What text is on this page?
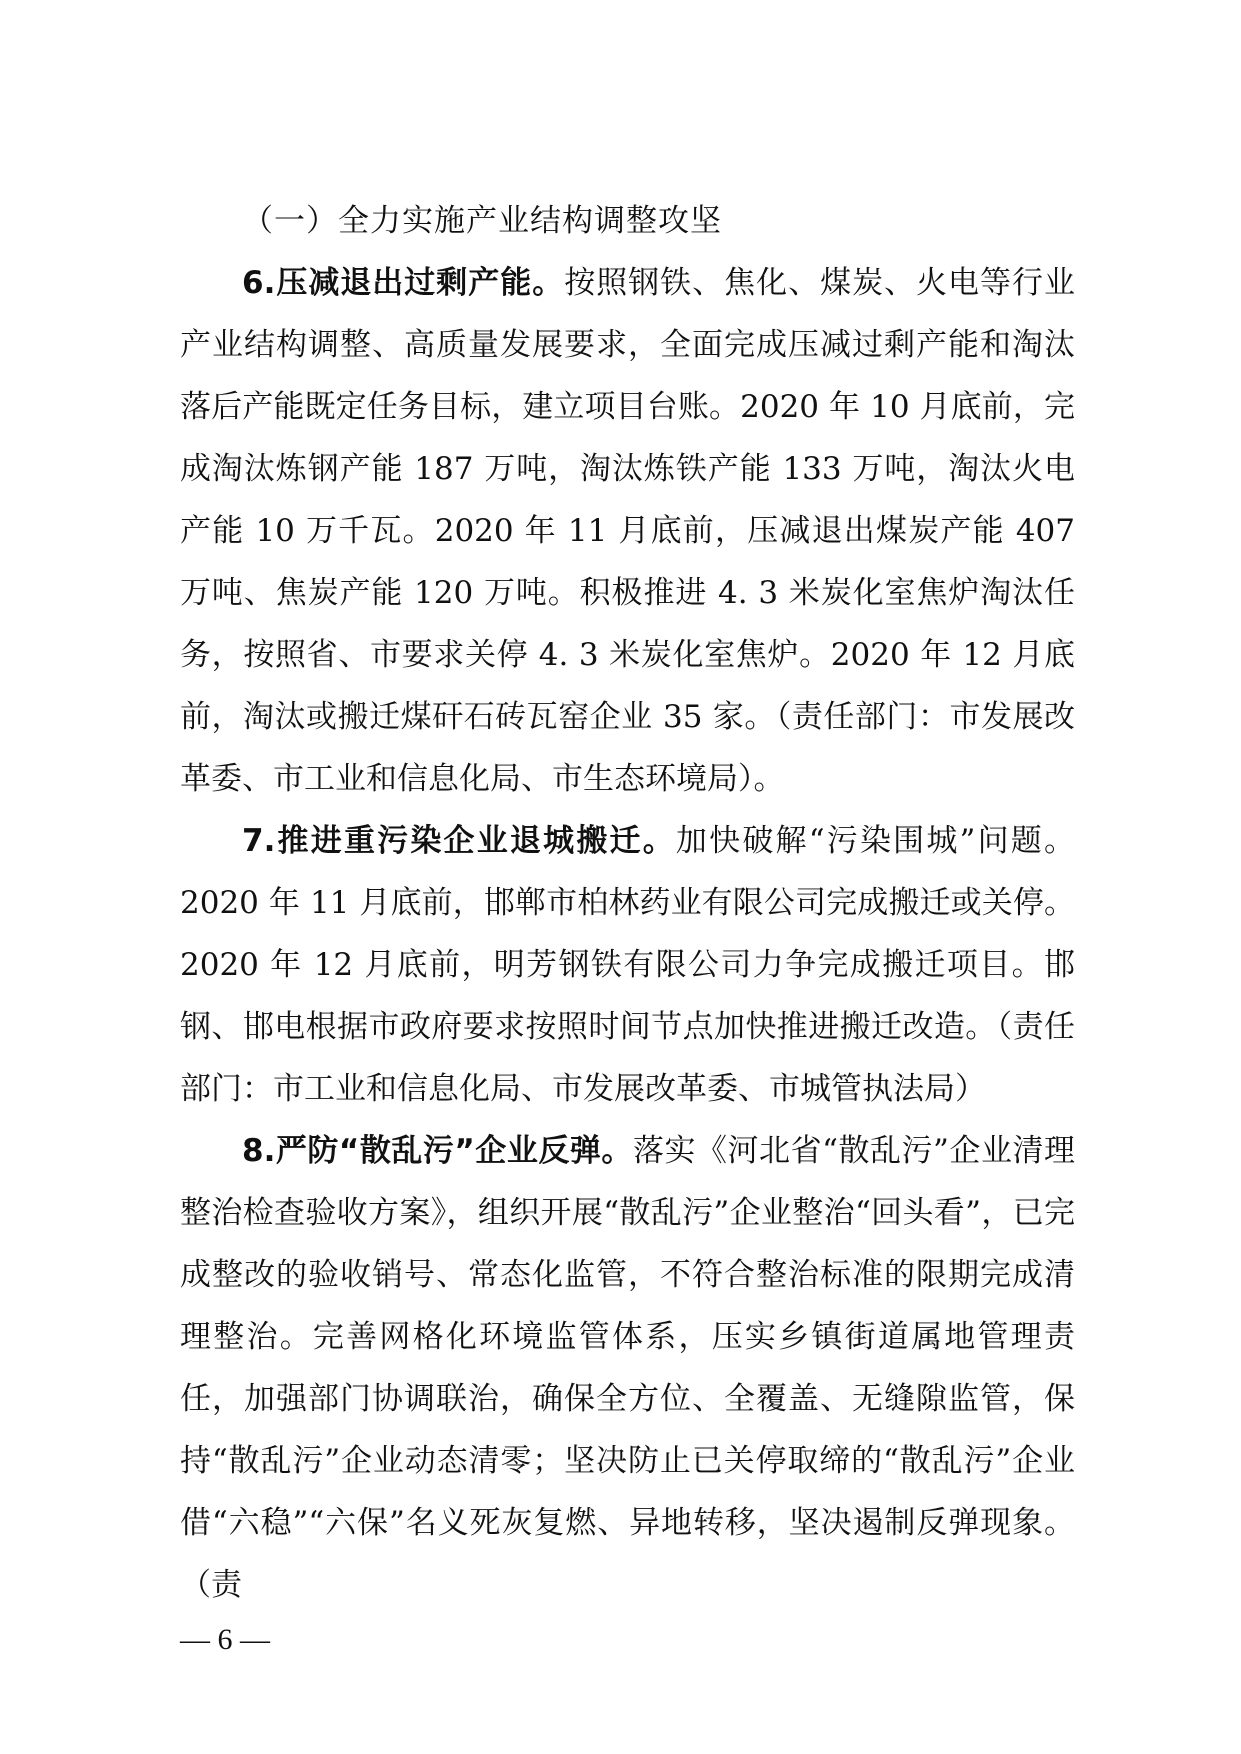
（一）全力实施产业结构调整攻坚

6.压减退出过剩产能。按照钢铁、焦化、煤炭、火电等行业产业结构调整、高质量发展要求，全面完成压减过剩产能和淘汰落后产能既定任务目标，建立项目台账。2020 年 10 月底前，完成淘汰炼钢产能 187 万吨，淘汰炼铁产能 133 万吨，淘汰火电产能 10 万千瓦。2020 年 11 月底前，压减退出煤炭产能 407 万吨、焦炭产能 120 万吨。积极推进 4. 3 米炭化室焦炉淘汰任务，按照省、市要求关停 4. 3 米炭化室焦炉。2020 年 12 月底前，淘汰或搬迁煤矸石砖瓦窑企业 35 家。（责任部门：市发展改革委、市工业和信息化局、市生态环境局）。

7.推进重污染企业退城搬迁。加快破解“污染围城”问题。2020 年 11 月底前，邯郸市柏林药业有限公司完成搬迁或关停。2020 年 12 月底前，明芳钢铁有限公司力争完成搬迁项目。邯钢、邯电根据市政府要求按照时间节点加快推进搬迁改造。（责任部门：市工业和信息化局、市发展改革委、市城管执法局）

8.严防“散乱污”企业反弹。落实《河北省“散乱污”企业清理整治检查验收方案》，组织开展“散乱污”企业整治“回头看”，已完成整改的验收销号、常态化监管，不符合整治标准的限期完成清理整治。完善网格化环境监管体系，压实乡镇街道属地管理责任，加强部门协调联治，确保全方位、全覆盖、无缝隙监管，保持“散乱污”企业动态清零；坚决防止已关停取缔的“散乱污”企业借“六稳”“六保”名义死灰复燃、异地转移，坚决遏制反弹现象。（责

— 6 —
